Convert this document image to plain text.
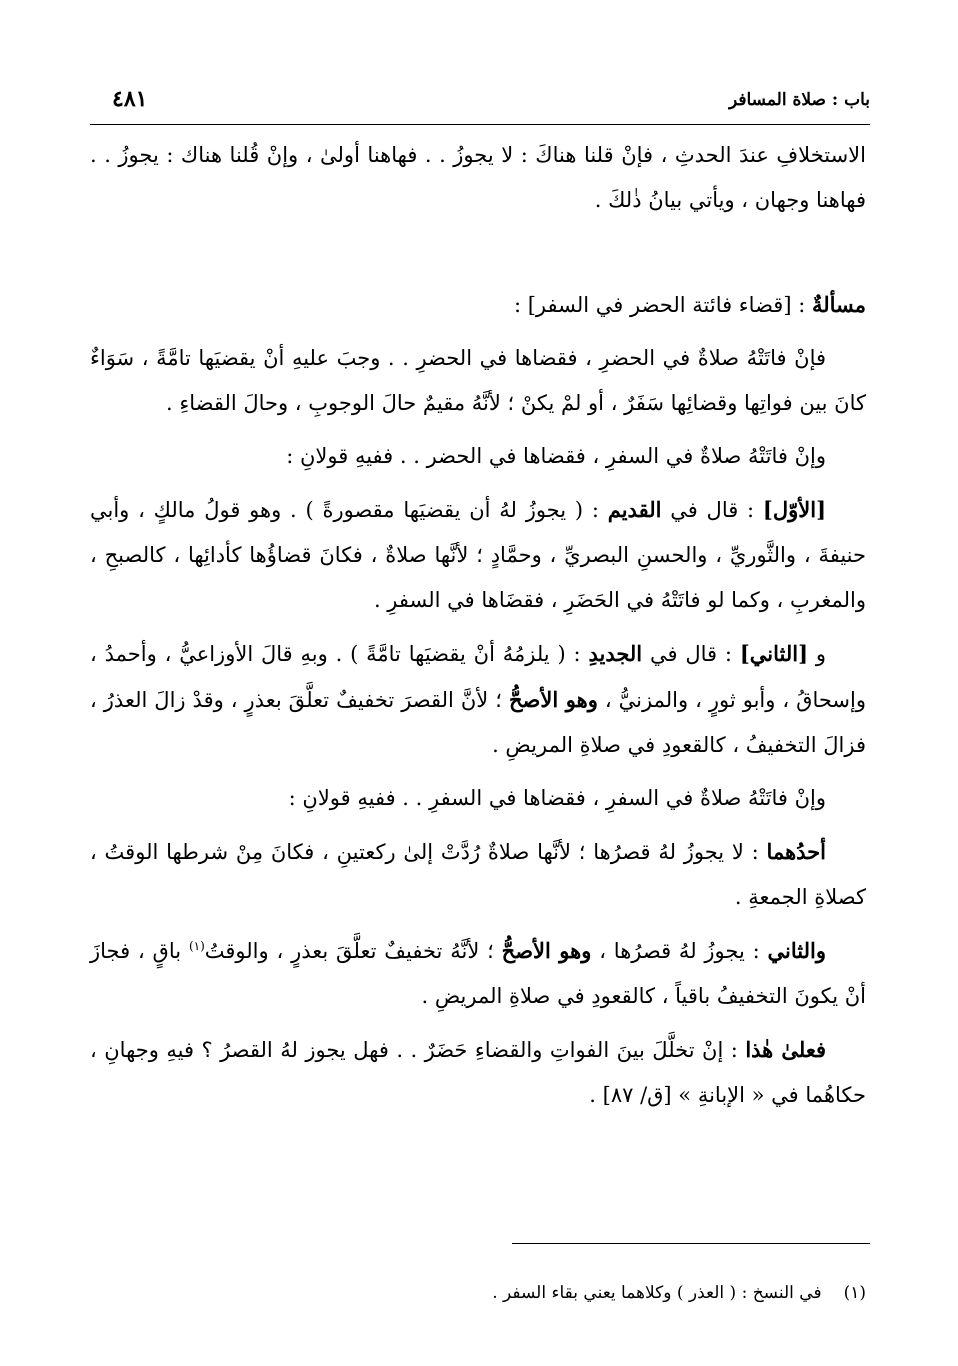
باب : صلاة المسافر
٤٨١

الاستخلافِ عندَ الحدثِ ، فإنْ قلنا هناكَ : لا يجوزُ . . فهاهنا أولىٰ ، وإنْ قُلنا هناك : يجوزُ . . فهاهنا وجهان ، ويأتي بيانُ ذٰلكَ .

مسألةٌ : [قضاء فائتة الحضر في السفر] :

فإنْ فاتَتْهُ صلاةٌ في الحضرِ ، فقضاها في الحضرِ . . وجبَ عليهِ أنْ يقضيَها تامَّةً ، سَوَاءٌ كانَ بين فواتِها وقضائِها سَفَرٌ ، أو لمْ يكنْ ؛ لأنَّهُ مقيمٌ حالَ الوجوبِ ، وحالَ القضاءِ .

وإنْ فاتَتْهُ صلاةٌ في السفرِ ، فقضاها في الحضر . . ففيهِ قولانِ :

[الأوّل] : قال في القديم : ( يجوزُ لهُ أن يقضيَها مقصورةً ) . وهو قولُ مالكٍ ، وأبي حنيفةَ ، والثَّوريِّ ، والحسنِ البصريِّ ، وحمَّادٍ ؛ لأنَّها صلاةٌ ، فكانَ قضاؤُها كأدائِها ، كالصبحِ ، والمغربِ ، وكما لو فاتَتْهُ في الحَضَرِ ، فقضَاها في السفرِ .

و [الثاني] : قال في الجديدِ : ( يلزمُهُ أنْ يقضيَها تامَّةً ) . وبهِ قالَ الأوزاعيُّ ، وأحمدُ ، وإسحاقُ ، وأبو ثورٍ ، والمزنيُّ ، وهو الأصحُّ ؛ لأنَّ القصرَ تخفيفٌ تعلَّقَ بعذرٍ ، وقدْ زالَ العذرُ ، فزالَ التخفيفُ ، كالقعودِ في صلاةِ المريضِ .

وإنْ فاتَتْهُ صلاةٌ في السفرِ ، فقضاها في السفرِ . . ففيهِ قولانِ :

أحدُهما : لا يجوزُ لهُ قصرُها ؛ لأنَّها صلاةٌ رُدَّتْ إلىٰ ركعتينِ ، فكانَ مِنْ شرطها الوقتُ ، كصلاةِ الجمعةِ .

والثاني : يجوزُ لهُ قصرُها ، وهو الأصحُّ ؛ لأنَّهُ تخفيفٌ تعلَّقَ بعذرٍ ، والوقتُ$^{(١)}$ باقٍ ، فجازَ أنْ يكونَ التخفيفُ باقياً ، كالقعودِ في صلاةِ المريضِ .

فعلىٰ هٰذا : إنْ تخلَّلَ بينَ الفواتِ والقضاءِ حَضَرٌ . . فهل يجوز لهُ القصرُ ؟ فيهِ وجهانِ ، حكاهُما في « الإبانةِ » [ق/ ٨٧] .

(١)في النسخ : ( العذر ) وكلاهما يعني بقاء السفر .
